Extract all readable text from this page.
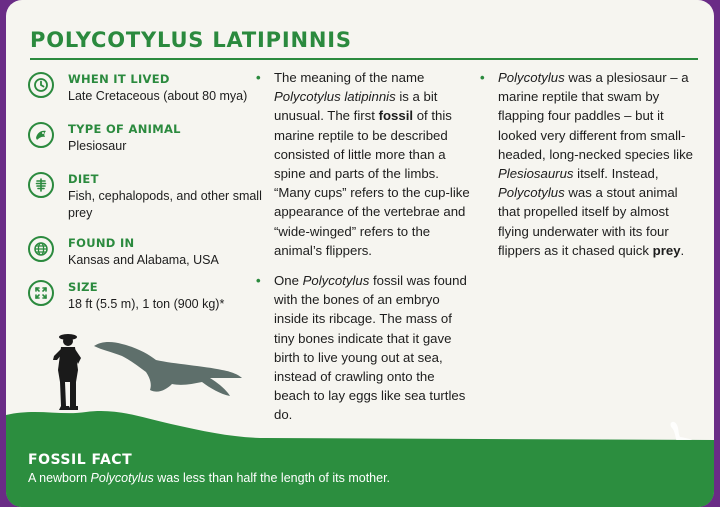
POLYCOTYLUS LATIPINNIS

WHEN IT LIVED

Late Cretaceous (about 80 mya)

TYPE OF ANIMAL

Plesiosaur

DIET

Fish, cephalopods, and other small prey

FOUND IN

Kansas and Alabama, USA

SIZE

18 ft (5.5 m), 1 ton (900 kg)*

• The meaning of the name Polycotylus latipinnis is a bit unusual. The first fossil of this marine reptile to be described consisted of little more than a spine and parts of the limbs. “Many cups” refers to the cup-like appearance of the vertebrae and “wide-winged” refers to the animal’s flippers.
• One Polycotylus fossil was found with the bones of an embryo inside its ribcage. The mass of tiny bones indicate that it gave birth to live young out at sea, instead of crawling onto the beach to lay eggs like sea turtles do.
• Polycotylus was a plesiosaur – a marine reptile that swam by flapping four paddles – but it looked very different from small-headed, long-necked species like Plesiosaurus itself. Instead, Polycotylus was a stout animal that propelled itself by almost flying underwater with its four flippers as it chased quick prey.

FOSSIL FACT

A newborn Polycotylus was less than half the length of its mother.
